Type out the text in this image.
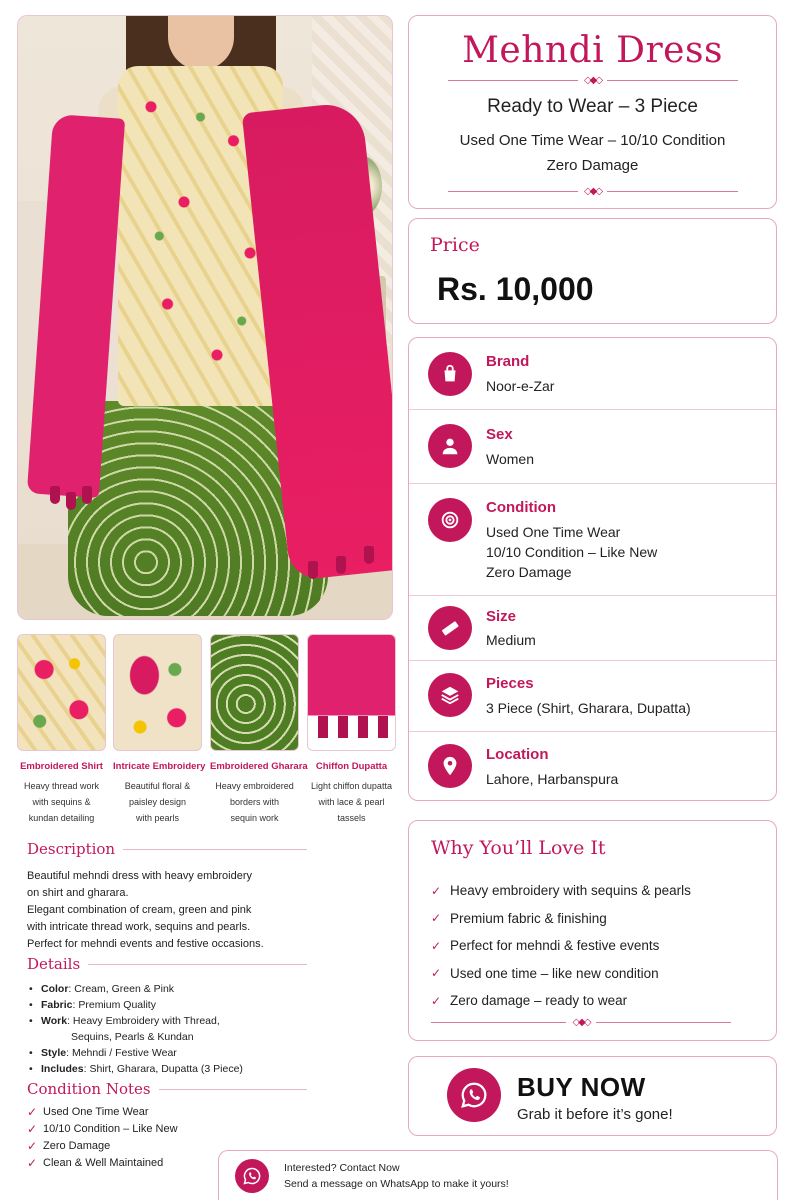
Embroidered Shirt
Heavy thread work
with sequins &
kundan detailing
Intricate Embroidery
Beautiful floral &
paisley design
with pearls
Embroidered Gharara
Heavy embroidered
borders with
sequin work
Chiffon Dupatta
Light chiffon dupatta
with lace & pearl
tassels
Description
Beautiful mehndi dress with heavy embroidery
on shirt and gharara.
Elegant combination of cream, green and pink
with intricate thread work, sequins and pearls.
Perfect for mehndi events and festive occasions.
Details
• Color: Cream, Green & Pink
• Fabric: Premium Quality
• Work: Heavy Embroidery with Thread,
Sequins, Pearls & Kundan
• Style: Mehndi / Festive Wear
• Includes: Shirt, Gharara, Dupatta (3 Piece)
Condition Notes
✓ Used One Time Wear
✓ 10/10 Condition – Like New
✓ Zero Damage
✓ Clean & Well Maintained
Mehndi Dress
◇◆◇
Ready to Wear – 3 Piece
Used One Time Wear – 10/10 Condition
Zero Damage
◇◆◇
Price
Rs. 10,000
Brand
Noor-e-Zar
Sex
Women
Condition
Used One Time Wear
10/10 Condition – Like New
Zero Damage
Size
Medium
Pieces
3 Piece (Shirt, Gharara, Dupatta)
Location
Lahore, Harbanspura
Why You’ll Love It
✓ Heavy embroidery with sequins & pearls
✓ Premium fabric & finishing
✓ Perfect for mehndi & festive events
✓ Used one time – like new condition
✓ Zero damage – ready to wear
◇◆◇
BUY NOW
Grab it before it’s gone!
Interested? Contact Now
Send a message on WhatsApp to make it yours!
